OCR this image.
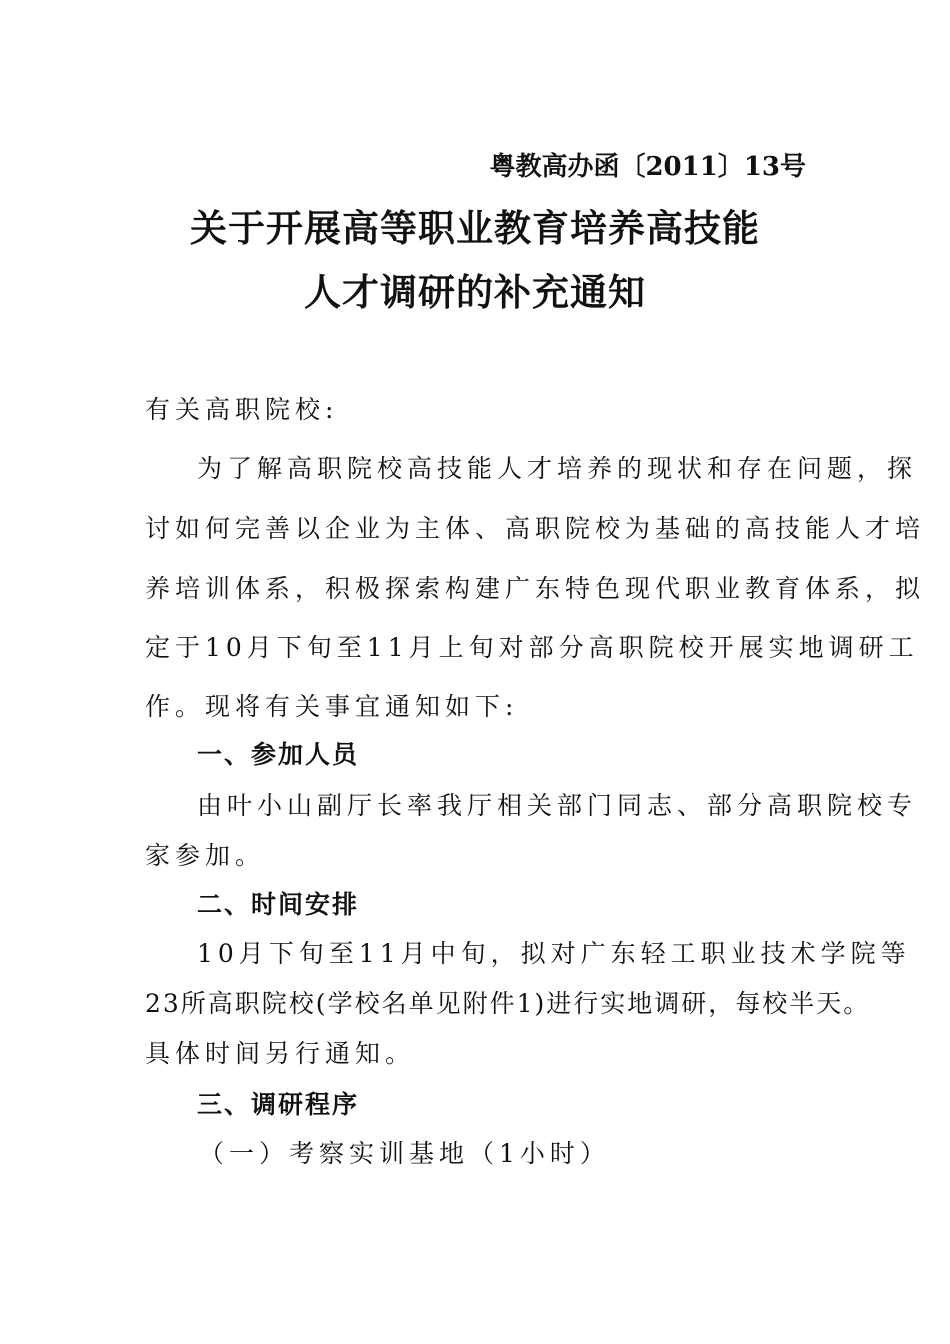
粤教高办函〔2011〕13号
关于开展高等职业教育培养高技能
人才调研的补充通知
有关高职院校:
为了解高职院校高技能人才培养的现状和存在问题，探
讨如何完善以企业为主体、高职院校为基础的高技能人才培
养培训体系，积极探索构建广东特色现代职业教育体系，拟
定于10月下旬至11月上旬对部分高职院校开展实地调研工
作。现将有关事宜通知如下:
一、参加人员
由叶小山副厅长率我厅相关部门同志、部分高职院校专
家参加。
二、时间安排
10月下旬至11月中旬，拟对广东轻工职业技术学院等
23所高职院校(学校名单见附件1)进行实地调研，每校半天。
具体时间另行通知。
三、调研程序
（一）考察实训基地（1小时）
